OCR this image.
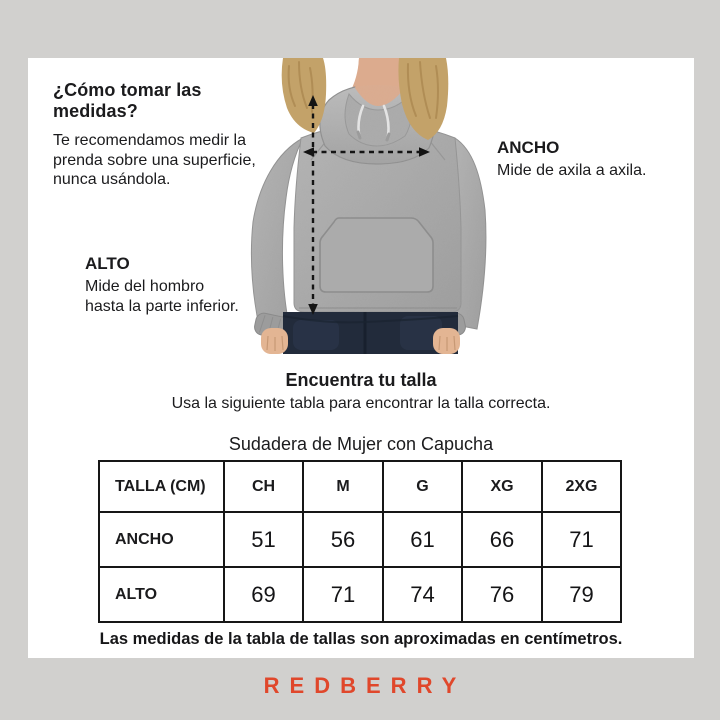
¿Cómo tomar las medidas?

Te recomendamos medir la
prenda sobre una superficie,
nunca usándola.

ANCHO

Mide de axila a axila.

ALTO

Mide del hombro
hasta la parte inferior.

Encuentra tu talla

Usa la siguiente tabla para encontrar la talla correcta.

Sudadera de Mujer con Capucha
TALLA (CM)	CH	M	G	XG	2XG
ANCHO	51	56	61	66	71
ALTO	69	71	74	76	79
Las medidas de la tabla de tallas son aproximadas en centímetros.
REDBERRY
